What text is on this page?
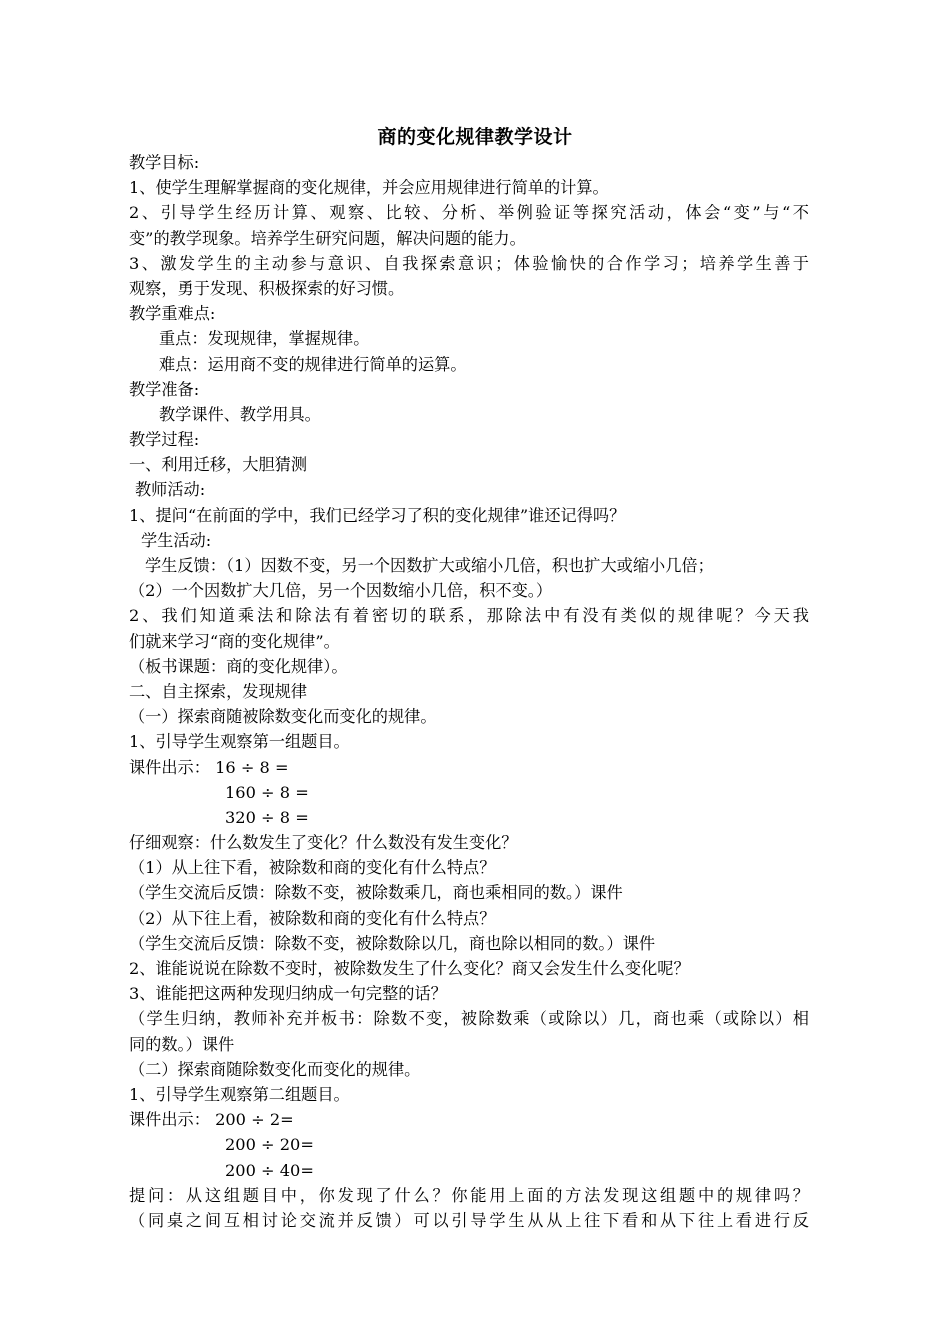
商的变化规律教学设计
教学目标:
1、使学生理解掌握商的变化规律，并会应用规律进行简单的计算。
2、引导学生经历计算、观察、比较、分析、举例验证等探究活动，体会“变”与“不
变”的教学现象。培养学生研究问题，解决问题的能力。
3、激发学生的主动参与意识、自我探索意识；体验愉快的合作学习；培养学生善于
观察，勇于发现、积极探索的好习惯。
教学重难点:
重点：发现规律，掌握规律。
难点：运用商不变的规律进行简单的运算。
教学准备:
教学课件、教学用具。
教学过程:
一、利用迁移，大胆猜测
教师活动:
1、提问“在前面的学中，我们已经学习了积的变化规律”谁还记得吗？
学生活动:
学生反馈：（1）因数不变，另一个因数扩大或缩小几倍，积也扩大或缩小几倍；
（2）一个因数扩大几倍，另一个因数缩小几倍，积不变。）
2、我们知道乘法和除法有着密切的联系，那除法中有没有类似的规律呢？今天我
们就来学习“商的变化规律”。
（板书课题：商的变化规律）。
二、自主探索，发现规律
（一）探索商随被除数变化而变化的规律。
1、引导学生观察第一组题目。
课件出示： 16 ÷ 8 =
160 ÷ 8 =
320 ÷ 8 =
仔细观察：什么数发生了变化？什么数没有发生变化？
（1）从上往下看，被除数和商的变化有什么特点？
（学生交流后反馈：除数不变，被除数乘几，商也乘相同的数。）课件
（2）从下往上看，被除数和商的变化有什么特点？
（学生交流后反馈：除数不变，被除数除以几，商也除以相同的数。）课件
2、谁能说说在除数不变时，被除数发生了什么变化？商又会发生什么变化呢？
3、谁能把这两种发现归纳成一句完整的话？
（学生归纳，教师补充并板书：除数不变，被除数乘（或除以）几，商也乘（或除以）相
同的数。）课件
（二）探索商随除数变化而变化的规律。
1、引导学生观察第二组题目。
课件出示： 200 ÷ 2=
200 ÷ 20=
200 ÷ 40=
提问：从这组题目中，你发现了什么？你能用上面的方法发现这组题中的规律吗？
（同桌之间互相讨论交流并反馈）可以引导学生从从上往下看和从下往上看进行反
